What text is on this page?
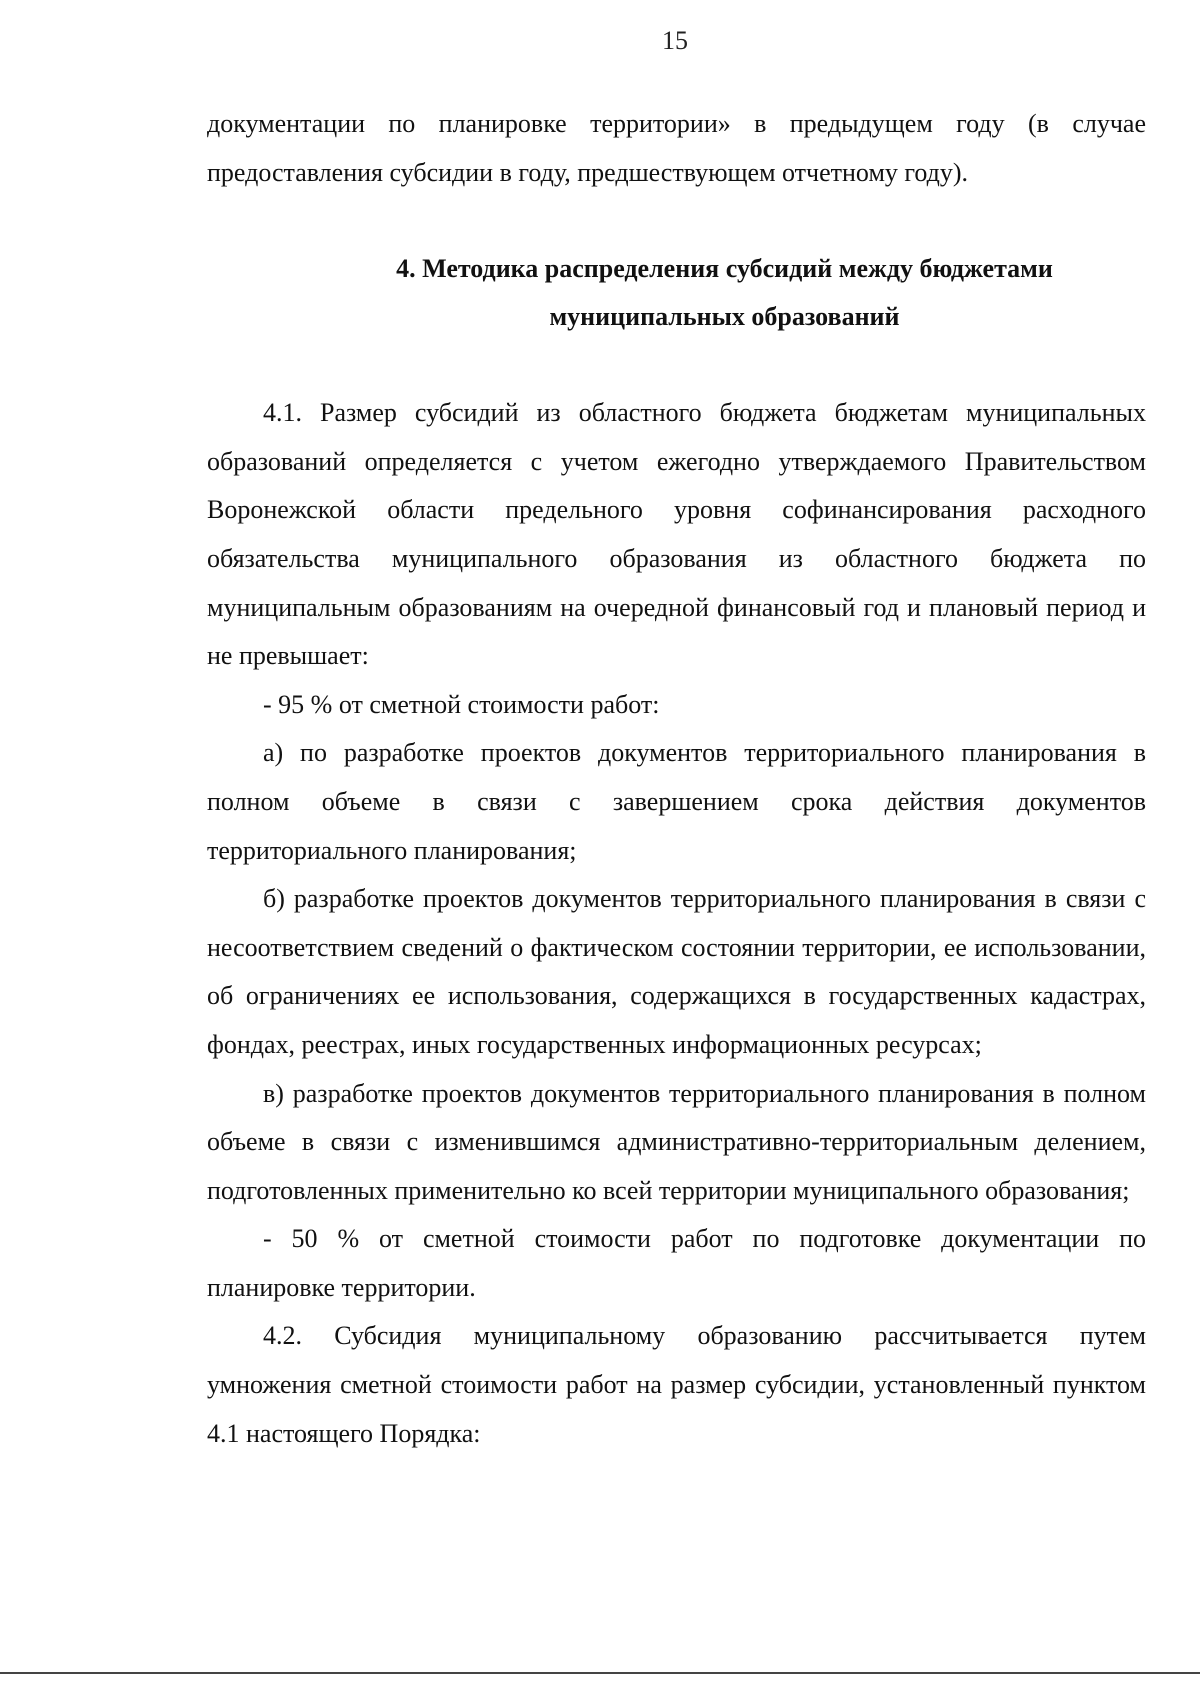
15

документации по планировке территории» в предыдущем году (в случае предоставления субсидии в году, предшествующем отчетному году).

4. Методика распределения субсидий между бюджетами
муниципальных образований

4.1. Размер субсидий из областного бюджета бюджетам муниципальных образований определяется с учетом ежегодно утверждаемого Правительством Воронежской области предельного уровня софинансирования расходного обязательства муниципального образования из областного бюджета по муниципальным образованиям на очередной финансовый год и плановый период и не превышает:

- 95 % от сметной стоимости работ:

а) по разработке проектов документов территориального планирования в полном объеме в связи с завершением срока действия документов территориального планирования;

б) разработке проектов документов территориального планирования в связи с несоответствием сведений о фактическом состоянии территории, ее использовании, об ограничениях ее использования, содержащихся в государственных кадастрах, фондах, реестрах, иных государственных информационных ресурсах;

в) разработке проектов документов территориального планирования в полном объеме в связи с изменившимся административно-территориальным делением, подготовленных применительно ко всей территории муниципального образования;

- 50 % от сметной стоимости работ по подготовке документации по планировке территории.

4.2. Субсидия муниципальному образованию рассчитывается путем умножения сметной стоимости работ на размер субсидии, установленный пунктом 4.1 настоящего Порядка:
